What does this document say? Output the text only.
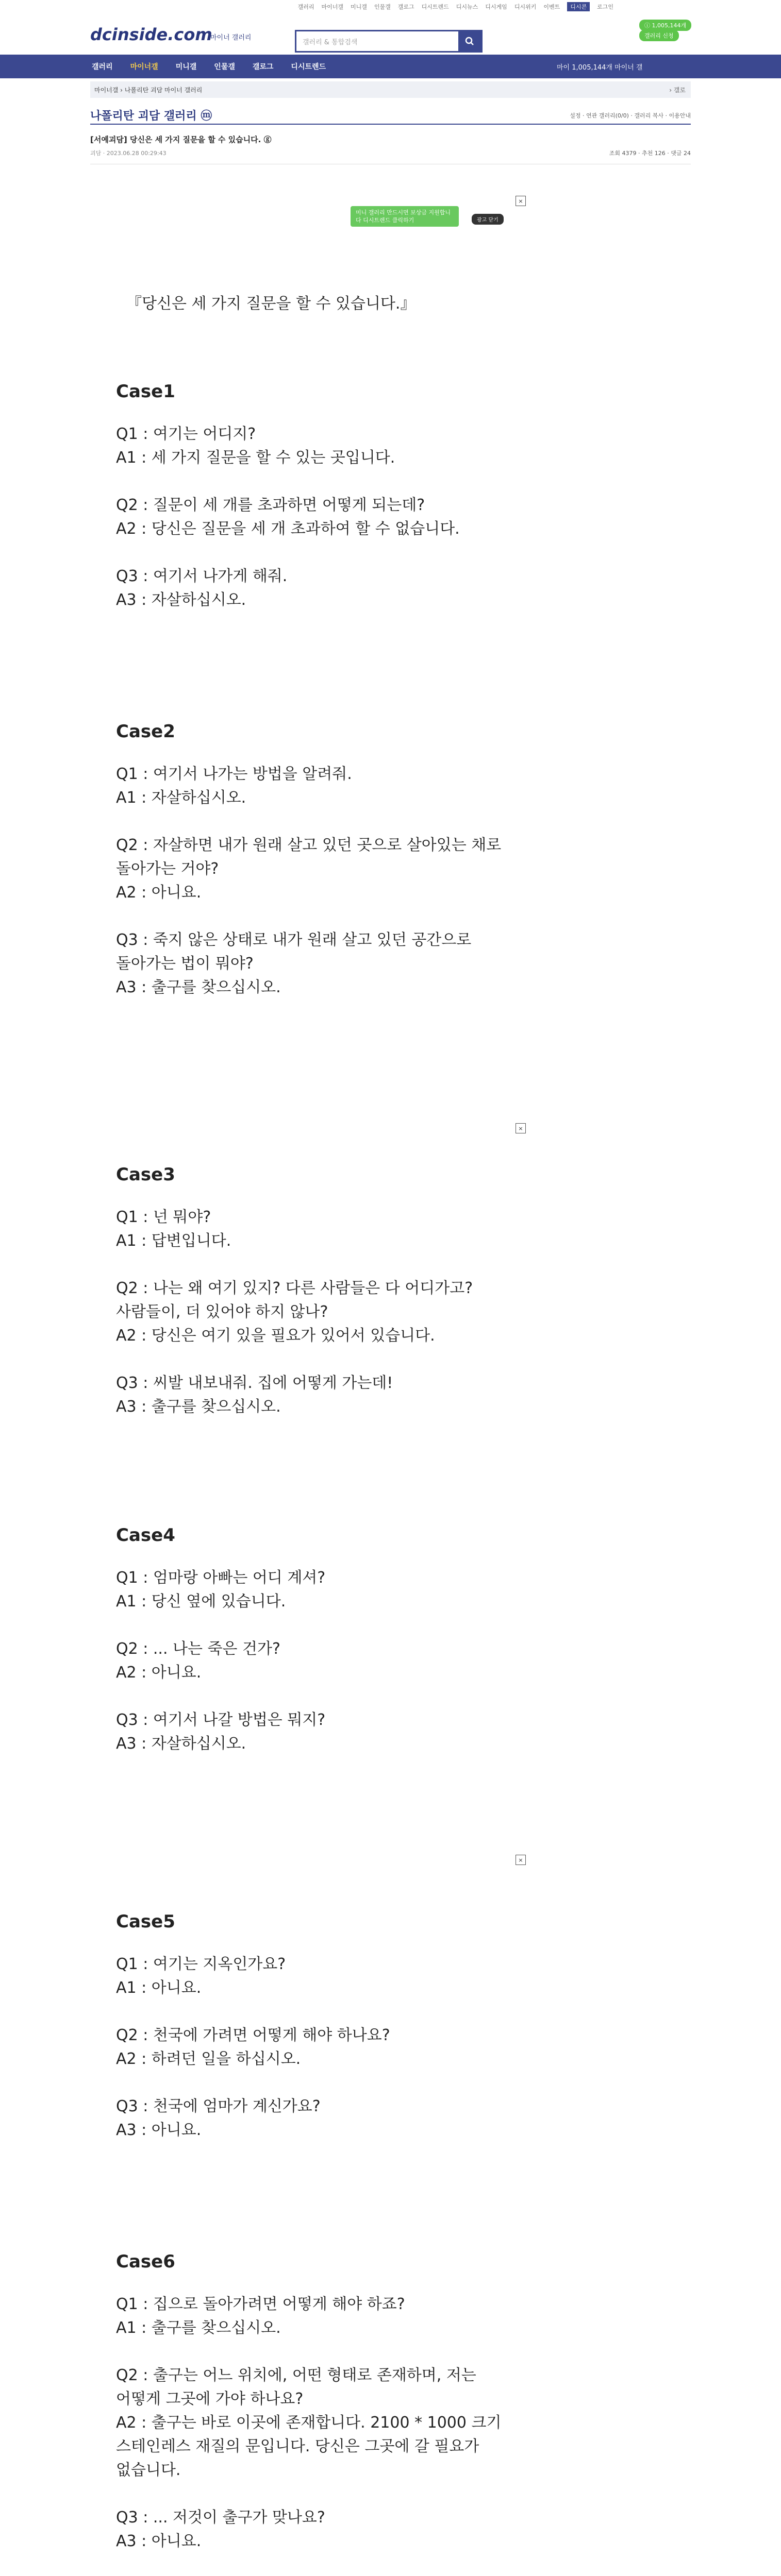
갤러리 마이너갤 미니갤 인물갤 갤로그 디시트렌드 디시뉴스 디시게임 디시위키 이벤트	디시콘	로그인
dcinside.com
마이너 갤러리
갤러리 & 통합검색
ⓘ 1,005,144개
갤러리 신청
갤러리 마이너갤 미니갤 인물갤 갤로그 디시트렌드	마이 1,005,144개 마이너 갤
마이너갤 › 나폴리탄 괴담 마이너 갤러리	› 갤로
나폴리탄 괴담 갤러리 ⓜ	설정 · 연관 갤러리(0/0) · 갤러리 복사 · 이용안내
[서예괴담] 당신은 세 가지 질문을 할 수 있습니다. ⓖ
괴담 · 2023.06.28 00:29:43	조회 4379 · 추천 126 · 댓글 24
미니 갤러리 만드시면 보상금 지원합니다 디시트렌드 클릭하기	광고 닫기
×
×
×
『당신은 세 가지 질문을 할 수 있습니다.』
Case1
Q1 : 여기는 어디지?
A1 : 세 가지 질문을 할 수 있는 곳입니다.
Q2 : 질문이 세 개를 초과하면 어떻게 되는데?
A2 : 당신은 질문을 세 개 초과하여 할 수 없습니다.
Q3 : 여기서 나가게 해줘.
A3 : 자살하십시오.
Case2
Q1 : 여기서 나가는 방법을 알려줘.
A1 : 자살하십시오.
Q2 : 자살하면 내가 원래 살고 있던 곳으로 살아있는 채로
돌아가는 거야?
A2 : 아니요.
Q3 : 죽지 않은 상태로 내가 원래 살고 있던 공간으로
돌아가는 법이 뭐야?
A3 : 출구를 찾으십시오.
Case3
Q1 : 넌 뭐야?
A1 : 답변입니다.
Q2 : 나는 왜 여기 있지? 다른 사람들은 다 어디가고?
사람들이, 더 있어야 하지 않나?
A2 : 당신은 여기 있을 필요가 있어서 있습니다.
Q3 : 씨발 내보내줘. 집에 어떻게 가는데!
A3 : 출구를 찾으십시오.
Case4
Q1 : 엄마랑 아빠는 어디 계셔?
A1 : 당신 옆에 있습니다.
Q2 : ... 나는 죽은 건가?
A2 : 아니요.
Q3 : 여기서 나갈 방법은 뭐지?
A3 : 자살하십시오.
Case5
Q1 : 여기는 지옥인가요?
A1 : 아니요.
Q2 : 천국에 가려면 어떻게 해야 하나요?
A2 : 하려던 일을 하십시오.
Q3 : 천국에 엄마가 계신가요?
A3 : 아니요.
Case6
Q1 : 집으로 돌아가려면 어떻게 해야 하죠?
A1 : 출구를 찾으십시오.
Q2 : 출구는 어느 위치에, 어떤 형태로 존재하며, 저는
어떻게 그곳에 가야 하나요?
A2 : 출구는 바로 이곳에 존재합니다. 2100 * 1000 크기
스테인레스 재질의 문입니다. 당신은 그곳에 갈 필요가
없습니다.
Q3 : ... 저것이 출구가 맞나요?
A3 : 아니요.
